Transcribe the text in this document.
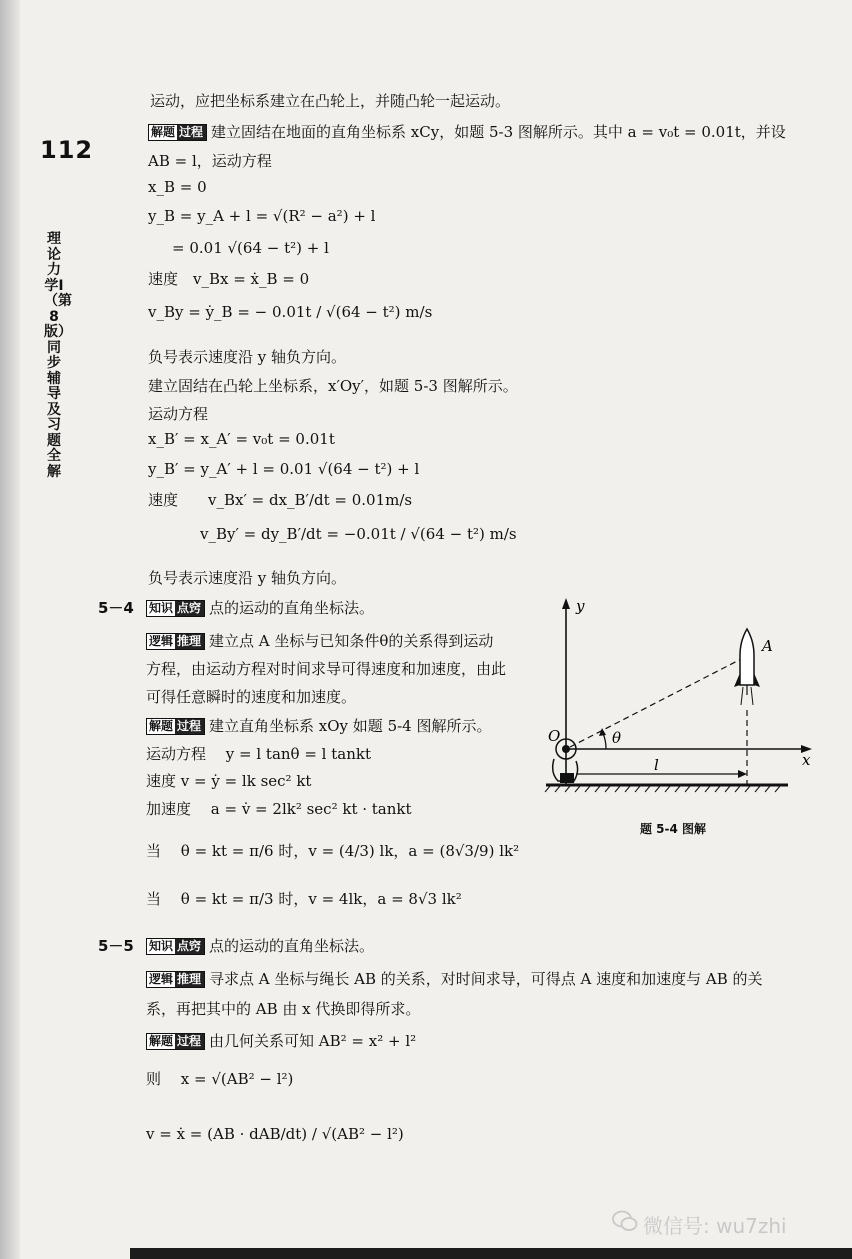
112
理论力学Ⅰ（第8版）同步辅导及习题全解
运动，应把坐标系建立在凸轮上，并随凸轮一起运动。
解题 过程 建立固结在地面的直角坐标系 xCy，如题 5-3 图解所示。其中 a = v₀t = 0.01t，并设
AB = l，运动方程
x_B = 0
y_B = y_A + l = √(R² − a²) + l
= 0.01 √(64 − t²) + l
速度　v_Bx = ẋ_B = 0
v_By = ẏ_B = − 0.01t / √(64 − t²) m/s
负号表示速度沿 y 轴负方向。
建立固结在凸轮上坐标系，x′Oy′，如题 5-3 图解所示。
运动方程
x_B′ = x_A′ = v₀t = 0.01t
y_B′ = y_A′ + l = 0.01 √(64 − t²) + l
速度　　v_Bx′ = dx_B′/dt = 0.01m/s
v_By′ = dy_B′/dt = −0.01t / √(64 − t²) m/s
负号表示速度沿 y 轴负方向。
5－4 知识 点窍 点的运动的直角坐标法。
逻辑 推理 建立点 A 坐标与已知条件θ的关系得到运动
方程，由运动方程对时间求导可得速度和加速度，由此
可得任意瞬时的速度和加速度。
解题 过程 建立直角坐标系 xOy 如题 5-4 图解所示。
运动方程　 y = l tanθ = l tankt
速度 v = ẏ = lk sec² kt
加速度　 a = v̇ = 2lk² sec² kt · tankt
当　 θ = kt = π/6 时，v = (4/3) lk，a = (8√3/9) lk²
当　 θ = kt = π/3 时，v = 4lk，a = 8√3 lk²
y
x
O	θ
A
l
题 5-4 图解
5－5 知识 点窍 点的运动的直角坐标法。
逻辑 推理 寻求点 A 坐标与绳长 AB 的关系，对时间求导，可得点 A 速度和加速度与 AB 的关
系，再把其中的 AB 由 x 代换即得所求。
解题 过程 由几何关系可知 AB² = x² + l²
则　 x = √(AB² − l²)
v = ẋ = (AB · dAB/dt) / √(AB² − l²)
微信号: wu7zhi
